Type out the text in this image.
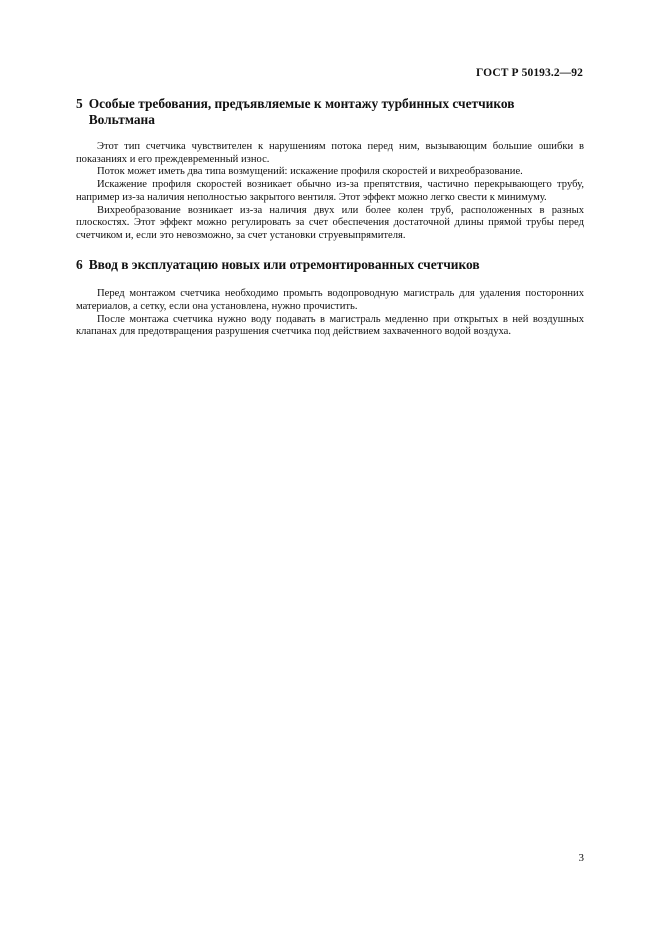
ГОСТ Р 50193.2—92
5 Особые требования, предъявляемые к монтажу турбинных счетчиков Вольтмана

Этот тип счетчика чувствителен к нарушениям потока перед ним, вызывающим большие ошибки в показаниях и его преждевременный износ.

Поток может иметь два типа возмущений: искажение профиля скоростей и вихреобразование.

Искажение профиля скоростей возникает обычно из-за препятствия, частично перекрывающего трубу, например из-за наличия неполностью закрытого вентиля. Этот эффект можно легко свести к минимуму.

Вихреобразование возникает из-за наличия двух или более колен труб, расположенных в разных плоскостях. Этот эффект можно регулировать за счет обеспечения достаточной длины прямой трубы перед счетчиком и, если это невозможно, за счет установки струевыпрямителя.

6 Ввод в эксплуатацию новых или отремонтированных счетчиков

Перед монтажом счетчика необходимо промыть водопроводную магистраль для удаления посторонних материалов, а сетку, если она установлена, нужно прочистить.

После монтажа счетчика нужно воду подавать в магистраль медленно при открытых в ней воздушных клапанах для предотвращения разрушения счетчика под действием захваченного водой воздуха.

3
